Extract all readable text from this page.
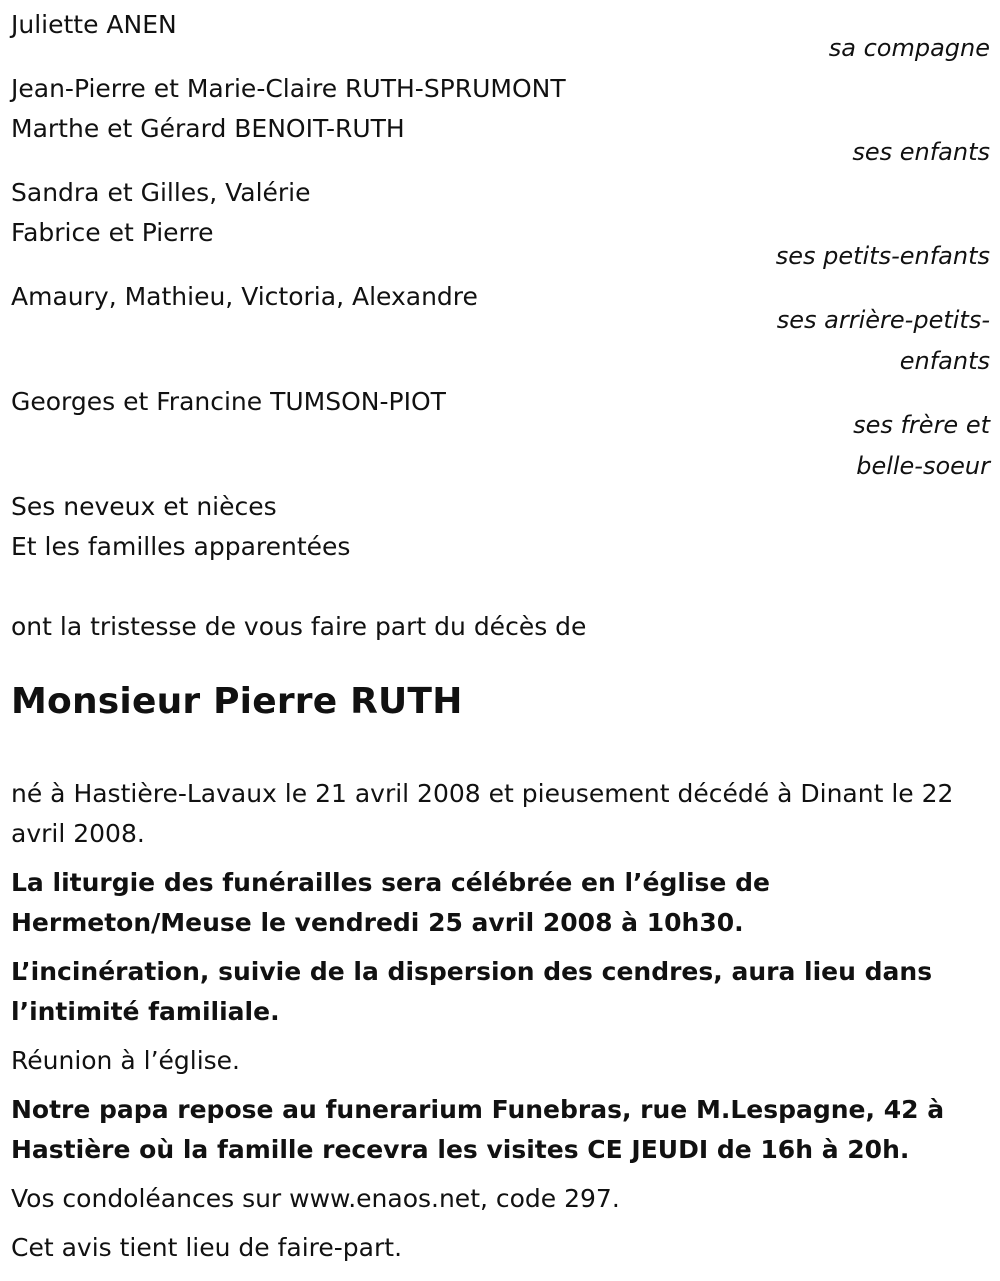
Juliette ANEN
sa compagne
Jean-Pierre et Marie-Claire RUTH-SPRUMONT
Marthe et Gérard BENOIT-RUTH
ses enfants
Sandra et Gilles, Valérie
Fabrice et Pierre
ses petits-enfants
Amaury, Mathieu, Victoria, Alexandre
ses arrière-petits-
enfants
Georges et Francine TUMSON-PIOT
ses frère et
belle-soeur
Ses neveux et nièces
Et les familles apparentées
ont la tristesse de vous faire part du décès de
Monsieur Pierre RUTH

né à Hastière-Lavaux le 21 avril 2008 et pieusement décédé à Dinant le 22 avril 2008.

La liturgie des funérailles sera célébrée en l’église de Hermeton/Meuse le vendredi 25 avril 2008 à 10h30.

L’incinération, suivie de la dispersion des cendres, aura lieu dans l’intimité familiale.

Réunion à l’église.

Notre papa repose au funerarium Funebras, rue M.Lespagne, 42 à Hastière où la famille recevra les visites CE JEUDI de 16h à 20h.

Vos condoléances sur www.enaos.net, code 297.

Cet avis tient lieu de faire-part.
